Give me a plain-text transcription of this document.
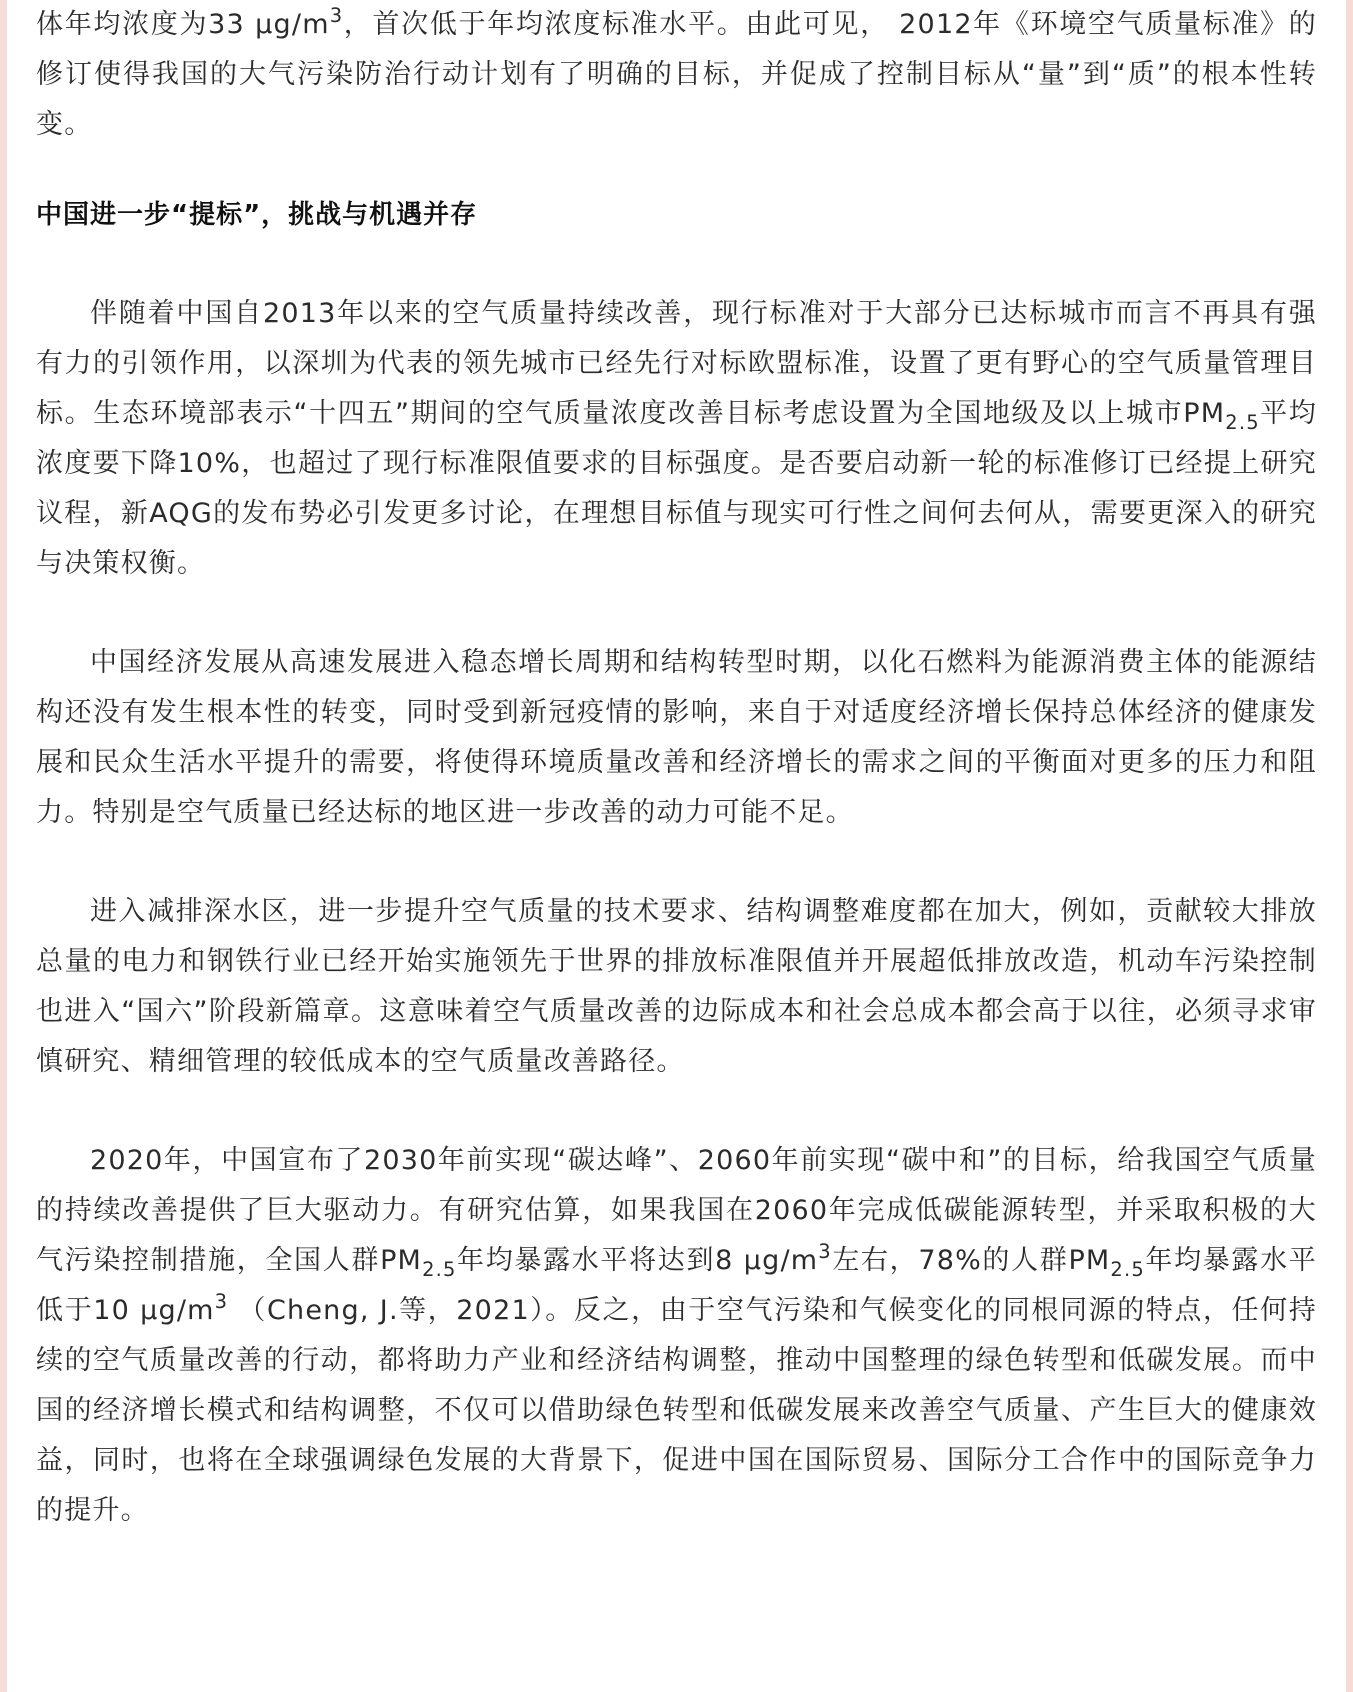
体年均浓度为33 $\mu g/m^3$，首次低于年均浓度标准水平。由此可见， 2012年《环境空气质量标准》的修订使得我国的大气污染防治行动计划有了明确的目标，并促成了控制目标从“量”到“质”的根本性转变。

中国进一步“提标”，挑战与机遇并存

伴随着中国自2013年以来的空气质量持续改善，现行标准对于大部分已达标城市而言不再具有强有力的引领作用，以深圳为代表的领先城市已经先行对标欧盟标准，设置了更有野心的空气质量管理目标。生态环境部表示“十四五”期间的空气质量浓度改善目标考虑设置为全国地级及以上城市$PM_{2.5}$平均浓度要下降10%，也超过了现行标准限值要求的目标强度。是否要启动新一轮的标准修订已经提上研究议程，新AQG的发布势必引发更多讨论，在理想目标值与现实可行性之间何去何从，需要更深入的研究与决策权衡。

中国经济发展从高速发展进入稳态增长周期和结构转型时期，以化石燃料为能源消费主体的能源结构还没有发生根本性的转变，同时受到新冠疫情的影响，来自于对适度经济增长保持总体经济的健康发展和民众生活水平提升的需要，将使得环境质量改善和经济增长的需求之间的平衡面对更多的压力和阻力。特别是空气质量已经达标的地区进一步改善的动力可能不足。

进入减排深水区，进一步提升空气质量的技术要求、结构调整难度都在加大，例如，贡献较大排放总量的电力和钢铁行业已经开始实施领先于世界的排放标准限值并开展超低排放改造，机动车污染控制也进入“国六”阶段新篇章。这意味着空气质量改善的边际成本和社会总成本都会高于以往，必须寻求审慎研究、精细管理的较低成本的空气质量改善路径。

2020年，中国宣布了2030年前实现“碳达峰”、2060年前实现“碳中和”的目标，给我国空气质量的持续改善提供了巨大驱动力。有研究估算，如果我国在2060年完成低碳能源转型，并采取积极的大气污染控制措施，全国人群$PM_{2.5}$年均暴露水平将达到8 $\mu g/m^3$左右，78%的人群$PM_{2.5}$年均暴露水平低于10 $\mu g/m^3$ （Cheng, J.等，2021）。反之，由于空气污染和气候变化的同根同源的特点，任何持续的空气质量改善的行动，都将助力产业和经济结构调整，推动中国整理的绿色转型和低碳发展。而中国的经济增长模式和结构调整，不仅可以借助绿色转型和低碳发展来改善空气质量、产生巨大的健康效益，同时，也将在全球强调绿色发展的大背景下，促进中国在国际贸易、国际分工合作中的国际竞争力的提升。
